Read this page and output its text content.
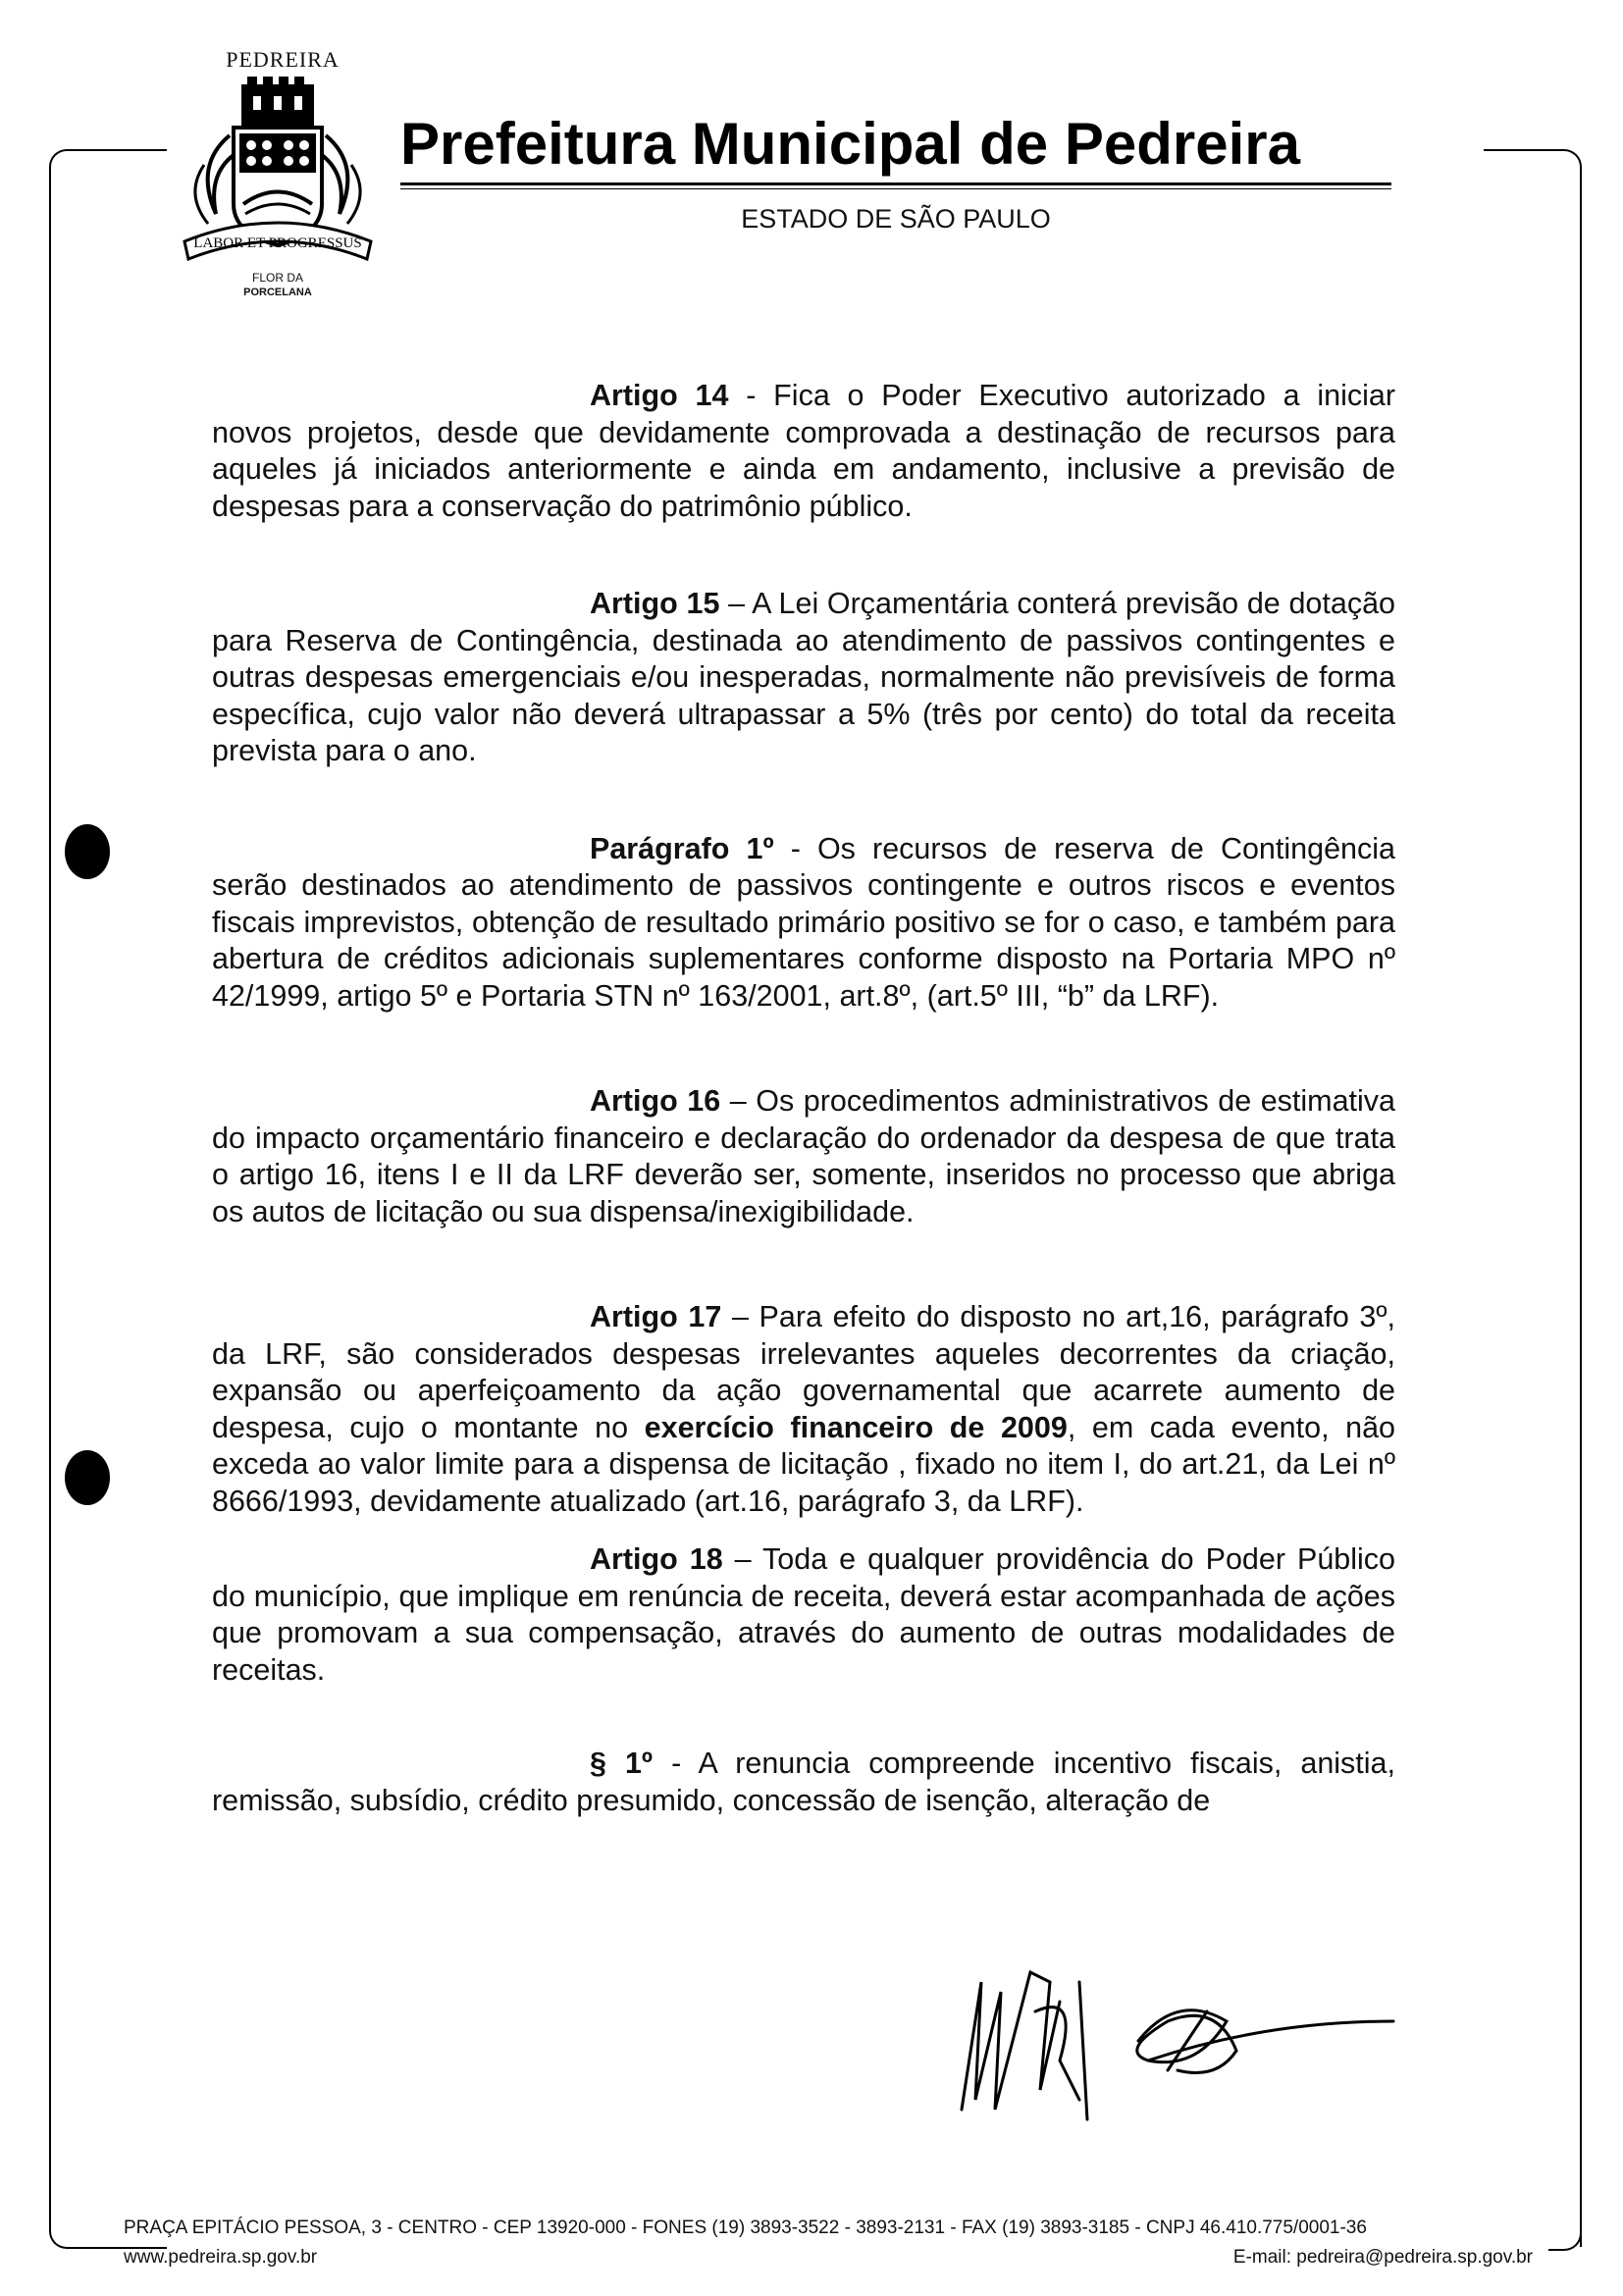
PEDREIRA
LABOR ET PROGRESSUS
FLOR DA
PORCELANA
Prefeitura Municipal de Pedreira
ESTADO DE SÃO PAULO

Artigo 14 - Fica o Poder Executivo autorizado a iniciar novos projetos, desde que devidamente comprovada a destinação de recursos para aqueles já iniciados anteriormente e ainda em andamento, inclusive a previsão de despesas para a conservação do patrimônio público.

Artigo 15 – A Lei Orçamentária conterá previsão de dotação para Reserva de Contingência, destinada ao atendimento de passivos contingentes e outras despesas emergenciais e/ou inesperadas, normalmente não previsíveis de forma específica, cujo valor não deverá ultrapassar a 5% (três por cento) do total da receita prevista para o ano.

Parágrafo 1º - Os recursos de reserva de Contingência serão destinados ao atendimento de passivos contingente e outros riscos e eventos fiscais imprevistos, obtenção de resultado primário positivo se for o caso, e também para abertura de créditos adicionais suplementares conforme disposto na Portaria MPO nº 42/1999, artigo 5º e Portaria STN nº 163/2001, art.8º, (art.5º III, “b” da LRF).

Artigo 16 – Os procedimentos administrativos de estimativa do impacto orçamentário financeiro e declaração do ordenador da despesa de que trata o artigo 16, itens I e II da LRF deverão ser, somente, inseridos no processo que abriga os autos de licitação ou sua dispensa/inexigibilidade.

Artigo 17 – Para efeito do disposto no art,16, parágrafo 3º, da LRF, são considerados despesas irrelevantes aqueles decorrentes da criação, expansão ou aperfeiçoamento da ação governamental que acarrete aumento de despesa, cujo o montante no exercício financeiro de 2009, em cada evento, não exceda ao valor limite para a dispensa de licitação , fixado no item I, do art.21, da Lei nº 8666/1993, devidamente atualizado (art.16, parágrafo 3, da LRF).

Artigo 18 – Toda e qualquer providência do Poder Público do município, que implique em renúncia de receita, deverá estar acompanhada de ações que promovam a sua compensação, através do aumento de outras modalidades de receitas.

§ 1º - A renuncia compreende incentivo fiscais, anistia, remissão, subsídio, crédito presumido, concessão de isenção, alteração de

PRAÇA EPITÁCIO PESSOA, 3 - CENTRO - CEP 13920-000 - FONES (19) 3893-3522 - 3893-2131 - FAX (19) 3893-3185 - CNPJ 46.410.775/0001-36
www.pedreira.sp.gov.br	E-mail: pedreira@pedreira.sp.gov.br
